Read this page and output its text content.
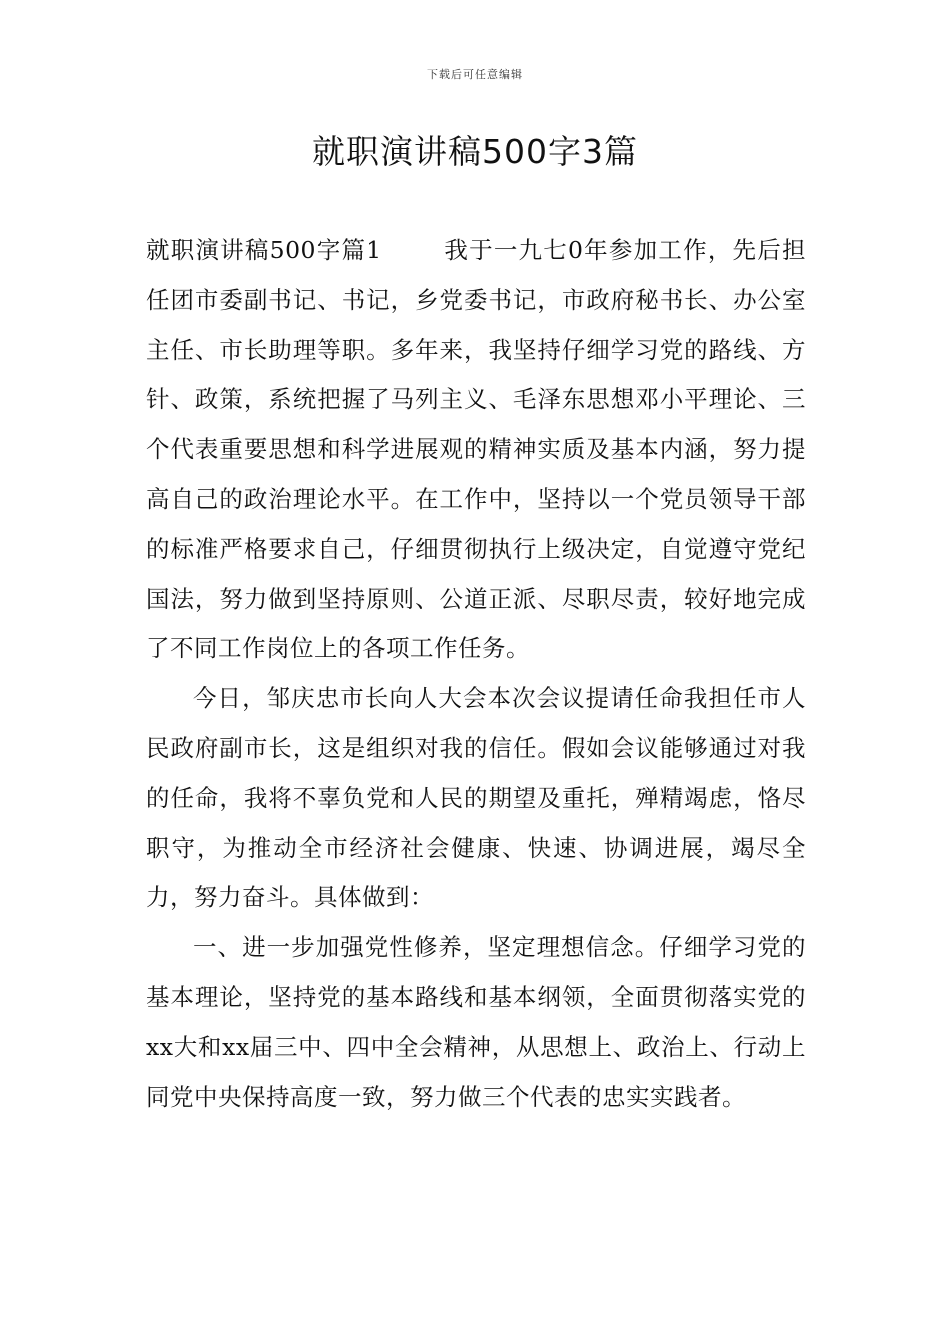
下载后可任意编辑
就职演讲稿500字3篇

就职演讲稿500字篇1	我于一九七0年参加工作，先后担任团市委副书记、书记，乡党委书记，市政府秘书长、办公室主任、市长助理等职。多年来，我坚持仔细学习党的路线、方针、政策，系统把握了马列主义、毛泽东思想邓小平理论、三个代表重要思想和科学进展观的精神实质及基本内涵，努力提高自己的政治理论水平。在工作中，坚持以一个党员领导干部的标准严格要求自己，仔细贯彻执行上级决定，自觉遵守党纪国法，努力做到坚持原则、公道正派、尽职尽责，较好地完成了不同工作岗位上的各项工作任务。

今日，邹庆忠市长向人大会本次会议提请任命我担任市人民政府副市长，这是组织对我的信任。假如会议能够通过对我的任命，我将不辜负党和人民的期望及重托，殚精竭虑，恪尽职守，为推动全市经济社会健康、快速、协调进展，竭尽全力，努力奋斗。具体做到：

一、进一步加强党性修养，坚定理想信念。仔细学习党的基本理论，坚持党的基本路线和基本纲领，全面贯彻落实党的xx大和xx届三中、四中全会精神，从思想上、政治上、行动上同党中央保持高度一致，努力做三个代表的忠实实践者。
